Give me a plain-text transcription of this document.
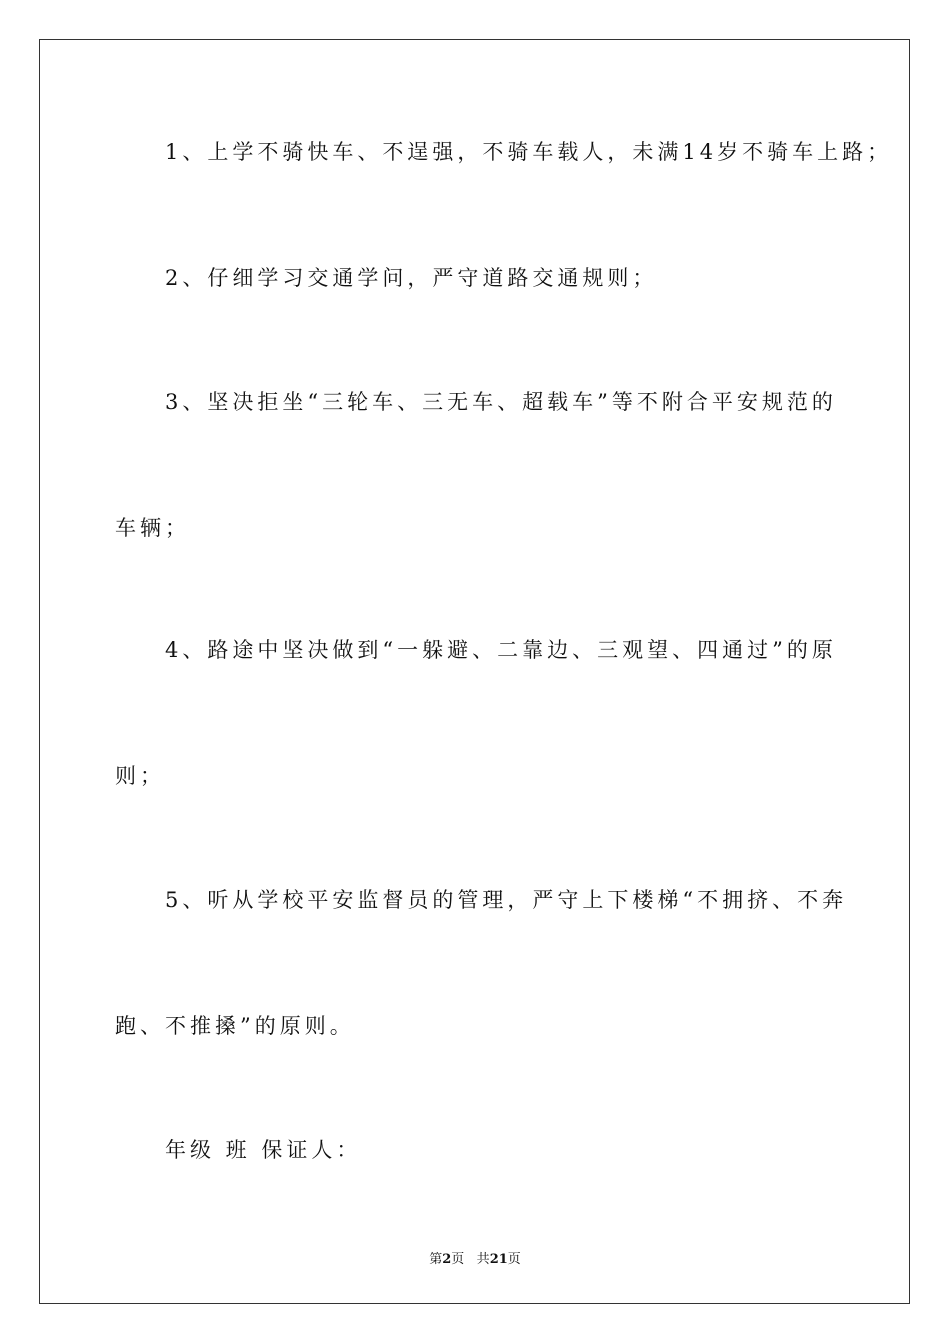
　　1、上学不骑快车、不逞强，不骑车载人，未满14岁不骑车上路；

　　2、仔细学习交通学问，严守道路交通规则；

　　3、坚决拒坐“三轮车、三无车、超载车”等不附合平安规范的

车辆；

　　4、路途中坚决做到“一躲避、二靠边、三观望、四通过”的原

则；

　　5、听从学校平安监督员的管理，严守上下楼梯“不拥挤、不奔

跑、不推搡”的原则。

　　年级 班 保证人：

第2页 共21页
